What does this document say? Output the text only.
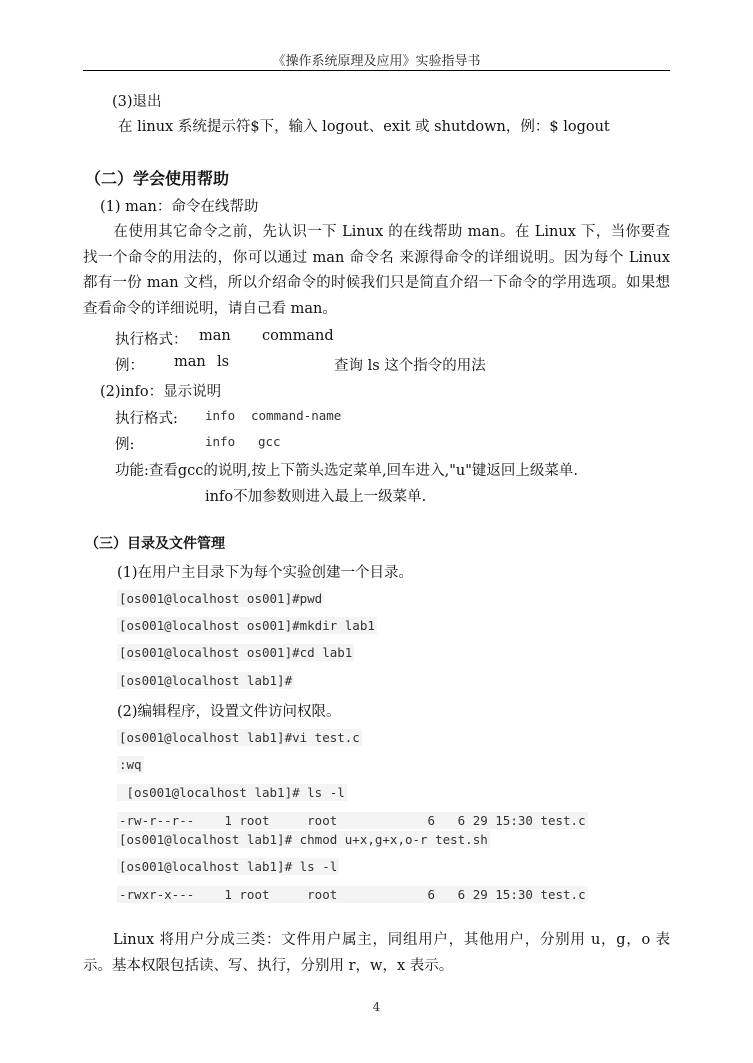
《操作系统原理及应用》实验指导书
(3)退出
在 linux 系统提示符$下，输入 logout、exit 或 shutdown，例：$ logout
（二）学会使用帮助
(1) man：命令在线帮助
在使用其它命令之前，先认识一下 Linux 的在线帮助 man。在 Linux 下，当你要查找一个命令的用法的，你可以通过 man 命令名 来源得命令的详细说明。因为每个 Linux 都有一份 man 文档，所以介绍命令的时候我们只是简直介绍一下命令的学用选项。如果想查看命令的详细说明，请自己看 man。
执行格式： man command
例： man ls	查询 ls 这个指令的用法
(2)info：显示说明
执行格式: info command-name
例:	info gcc
功能:查看gcc的说明,按上下箭头选定菜单,回车进入,"u"键返回上级菜单.
info不加参数则进入最上一级菜单.
（三）目录及文件管理
(1)在用户主目录下为每个实验创建一个目录。
[os001@localhost os001]#pwd
[os001@localhost os001]#mkdir lab1
[os001@localhost os001]#cd lab1
[os001@localhost lab1]#
(2)编辑程序，设置文件访问权限。
[os001@localhost lab1]#vi test.c
:wq
[os001@localhost lab1]# ls -l
-rw-r--r--    1 root     root            6   6 29 15:30 test.c
[os001@localhost lab1]# chmod u+x,g+x,o-r test.sh
[os001@localhost lab1]# ls -l
-rwxr-x---    1 root     root            6   6 29 15:30 test.c
Linux 将用户分成三类：文件用户属主，同组用户，其他用户，分别用 u，g，o 表示。基本权限包括读、写、执行，分别用 r，w，x 表示。
4
